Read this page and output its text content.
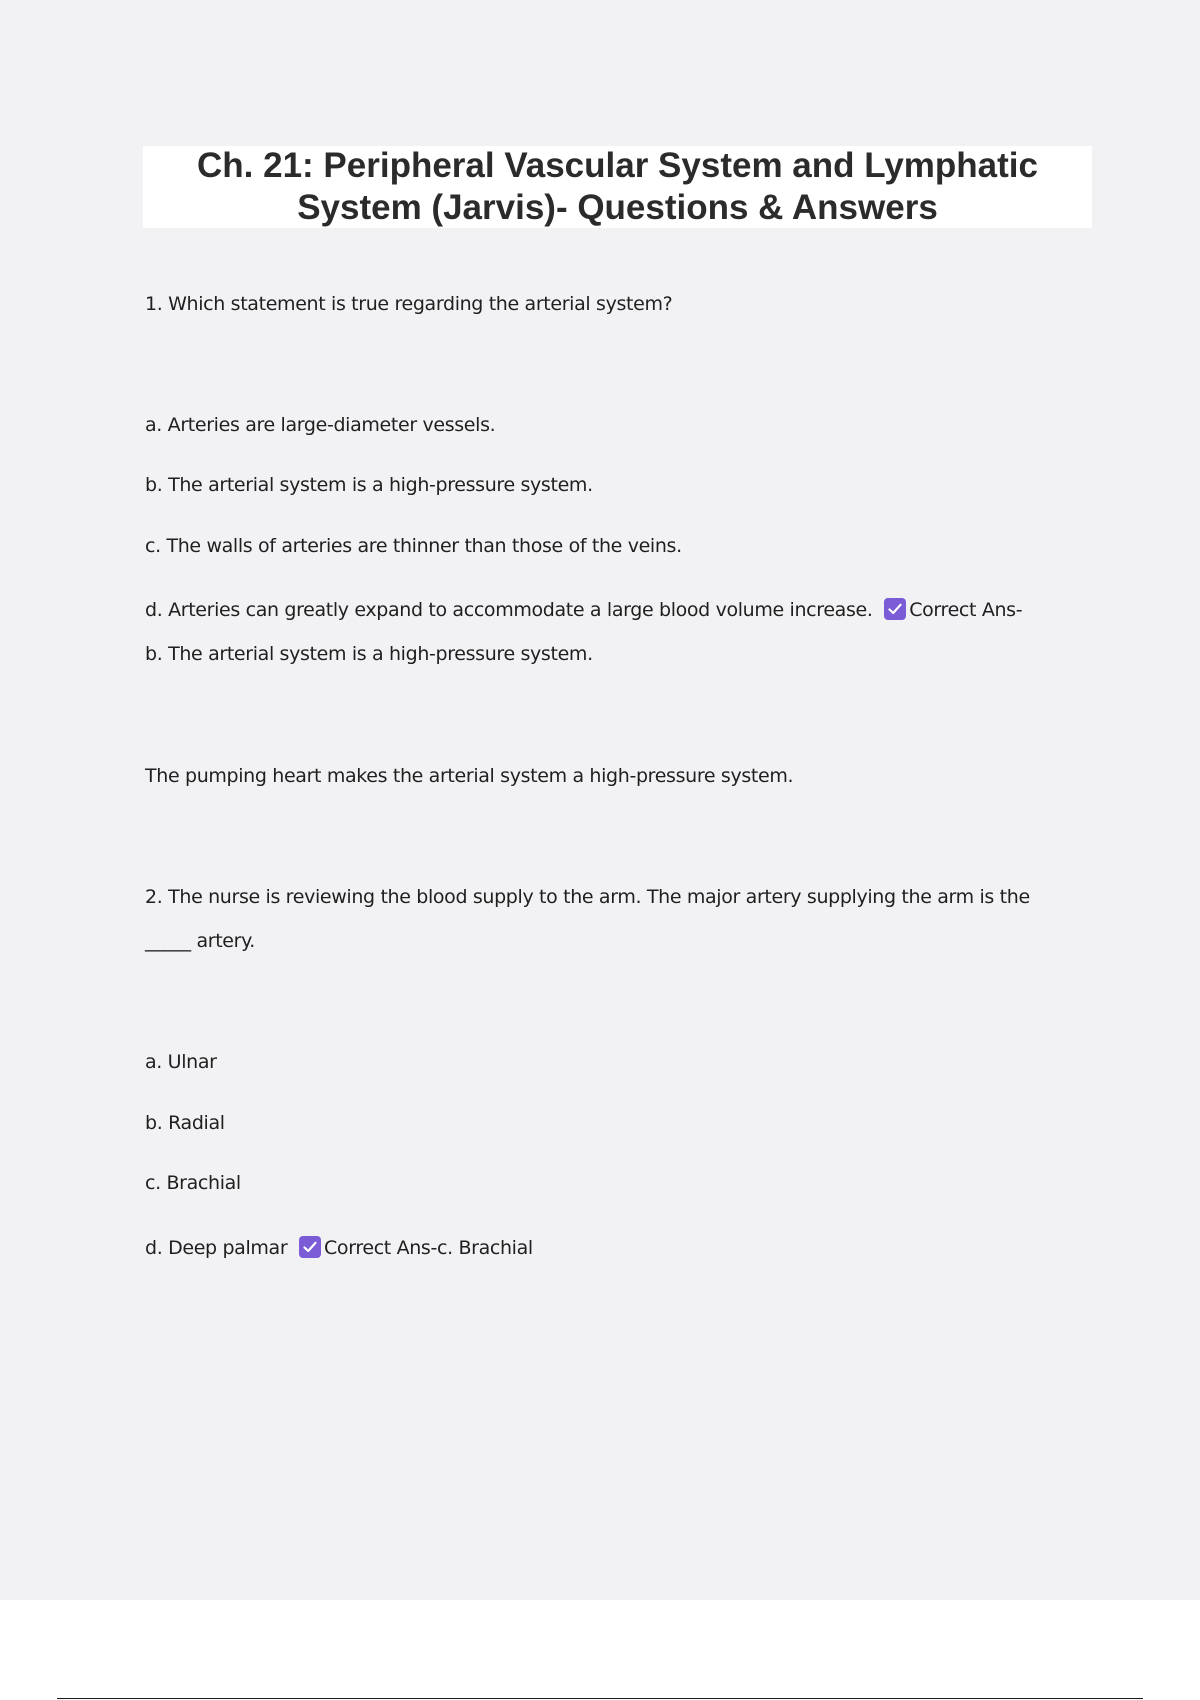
Ch. 21: Peripheral Vascular System and Lymphatic System (Jarvis)- Questions & Answers
1. Which statement is true regarding the arterial system?
a. Arteries are large-diameter vessels.
b. The arterial system is a high-pressure system.
c. The walls of arteries are thinner than those of the veins.
d. Arteries can greatly expand to accommodate a large blood volume increase. Correct Ans-
b. The arterial system is a high-pressure system.
The pumping heart makes the arterial system a high-pressure system.
2. The nurse is reviewing the blood supply to the arm. The major artery supplying the arm is the
_____ artery.
a. Ulnar
b. Radial
c. Brachial
d. Deep palmar Correct Ans-c. Brachial
